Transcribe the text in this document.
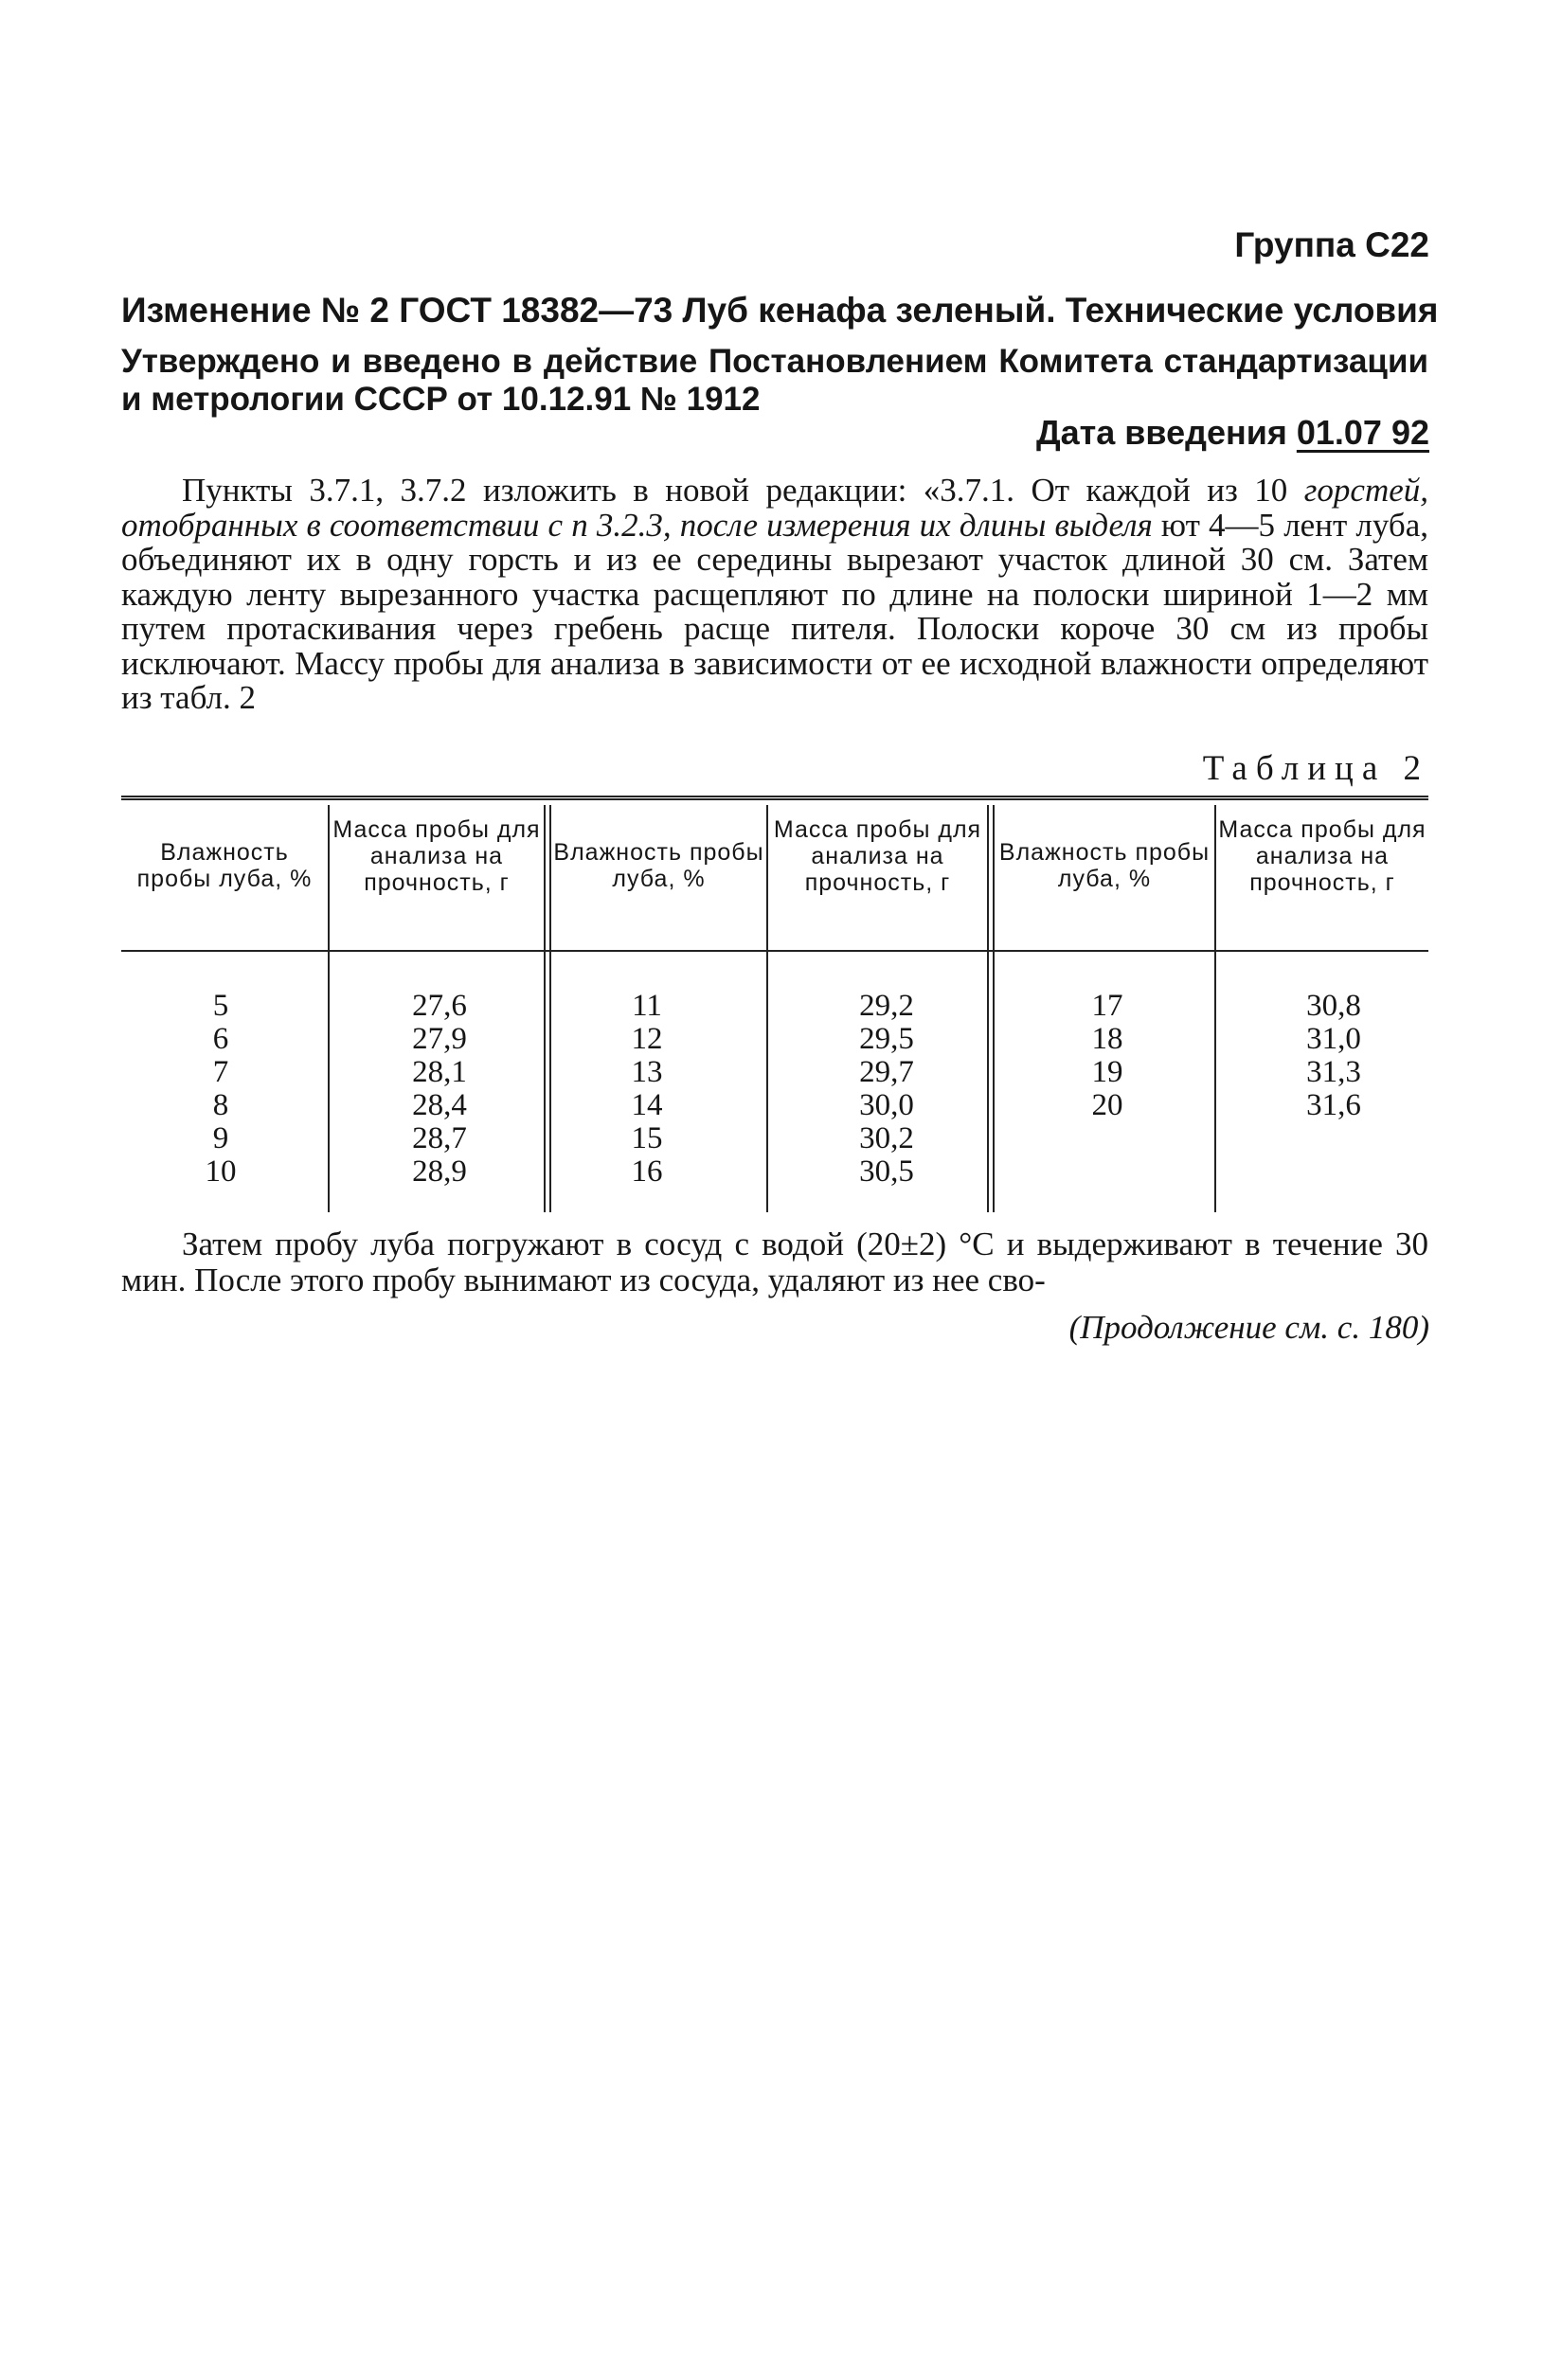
Группа С22
Изменение № 2 ГОСТ 18382—73 Луб кенафа зеленый. Технические условия
Утверждено и введено в действие Постановлением Комитета стандартизации и метрологии СССР от 10.12.91 № 1912
Дата введения 01.07 92
Пункты 3.7.1, 3.7.2 изложить в новой редакции: «3.7.1. От каждой из 10 горстей, отобранных в соответствии с п 3.2.3, после измерения их длины выделя ют 4—5 лент луба, объединяют их в одну горсть и из ее середины вырезают участок длиной 30 см. Затем каждую ленту вырезанного участка расщепляют по длине на полоски шириной 1—2 мм путем протаскивания через гребень расще пителя. Полоски короче 30 см из пробы исключают. Массу пробы для анализа в зависимости от ее исходной влажности определяют из табл. 2
Таблица 2
Влажность пробы луба, %
Масса пробы для анализа на прочность, г
Влажность пробы луба, %
Масса пробы для анализа на прочность, г
Влажность пробы луба, %
Масса пробы для анализа на прочность, г
5
6
7
8
9
10
27,6
27,9
28,1
28,4
28,7
28,9
11
12
13
14
15
16
29,2
29,5
29,7
30,0
30,2
30,5
17
18
19
20
30,8
31,0
31,3
31,6
Затем пробу луба погружают в сосуд с водой (20±2) °С и выдерживают в течение 30 мин. После этого пробу вынимают из сосуда, удаляют из нее сво-
(Продолжение см. с. 180)
